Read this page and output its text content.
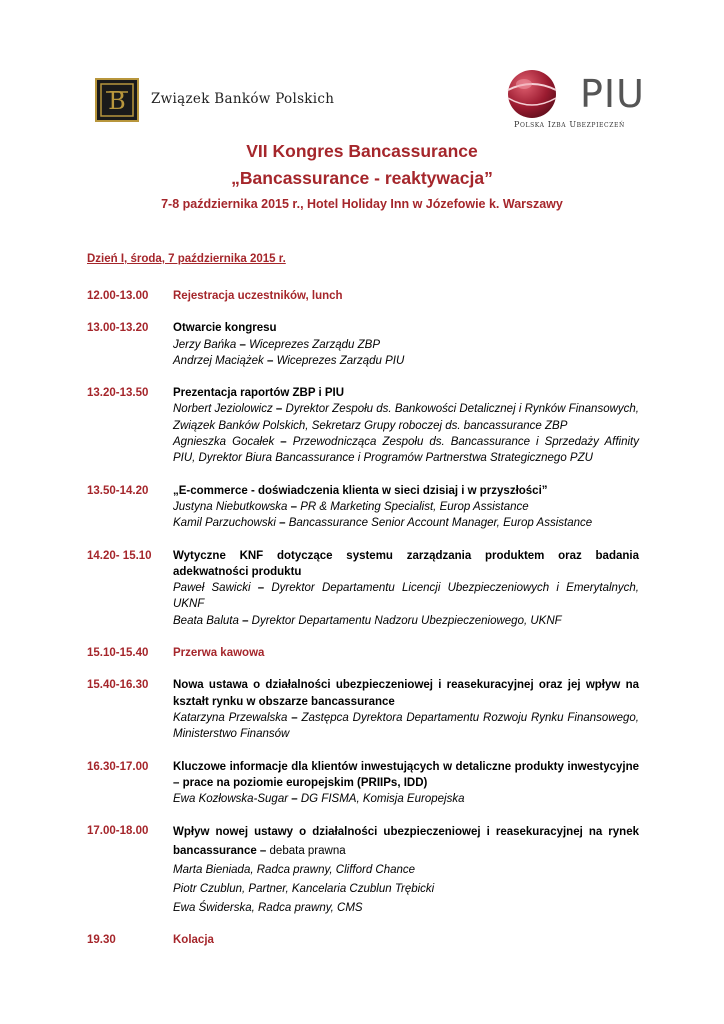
B Związek Banków Polskich	PIU
Polska Izba Ubezpieczeń
VII Kongres Bancassurance
„Bancassurance - reaktywacja”
7-8 października 2015 r., Hotel Holiday Inn w Józefowie k. Warszawy
Dzień I, środa, 7 października 2015 r.
12.00-13.00	Rejestracja uczestników, lunch
13.00-13.20	Otwarcie kongresu
Jerzy Bańka – Wiceprezes Zarządu ZBP
Andrzej Maciążek – Wiceprezes Zarządu PIU
13.20-13.50	Prezentacja raportów ZBP i PIU
Norbert Jeziolowicz – Dyrektor Zespołu ds. Bankowości Detalicznej i Rynków Finansowych, Związek Banków Polskich, Sekretarz Grupy roboczej ds. bancassurance ZBP
Agnieszka Gocałek – Przewodnicząca Zespołu ds. Bancassurance i Sprzedaży Affinity PIU, Dyrektor Biura Bancassurance i Programów Partnerstwa Strategicznego PZU
13.50-14.20	„E-commerce - doświadczenia klienta w sieci dzisiaj i w przyszłości”
Justyna Niebutkowska – PR & Marketing Specialist, Europ Assistance
Kamil Parzuchowski – Bancassurance Senior Account Manager, Europ Assistance
14.20- 15.10	Wytyczne KNF dotyczące systemu zarządzania produktem oraz badania adekwatności produktu
Paweł Sawicki – Dyrektor Departamentu Licencji Ubezpieczeniowych i Emerytalnych, UKNF
Beata Baluta – Dyrektor Departamentu Nadzoru Ubezpieczeniowego, UKNF
15.10-15.40	Przerwa kawowa
15.40-16.30	Nowa ustawa o działalności ubezpieczeniowej i reasekuracyjnej oraz jej wpływ na kształt rynku w obszarze bancassurance
Katarzyna Przewalska – Zastępca Dyrektora Departamentu Rozwoju Rynku Finansowego, Ministerstwo Finansów
16.30-17.00	Kluczowe informacje dla klientów inwestujących w detaliczne produkty inwestycyjne – prace na poziomie europejskim (PRIIPs, IDD)
Ewa Kozłowska-Sugar – DG FISMA, Komisja Europejska
17.00-18.00	Wpływ nowej ustawy o działalności ubezpieczeniowej i reasekuracyjnej na rynek bancassurance – debata prawna
Marta Bieniada, Radca prawny, Clifford Chance
Piotr Czublun, Partner, Kancelaria Czublun Trębicki
Ewa Świderska, Radca prawny, CMS
19.30	Kolacja
